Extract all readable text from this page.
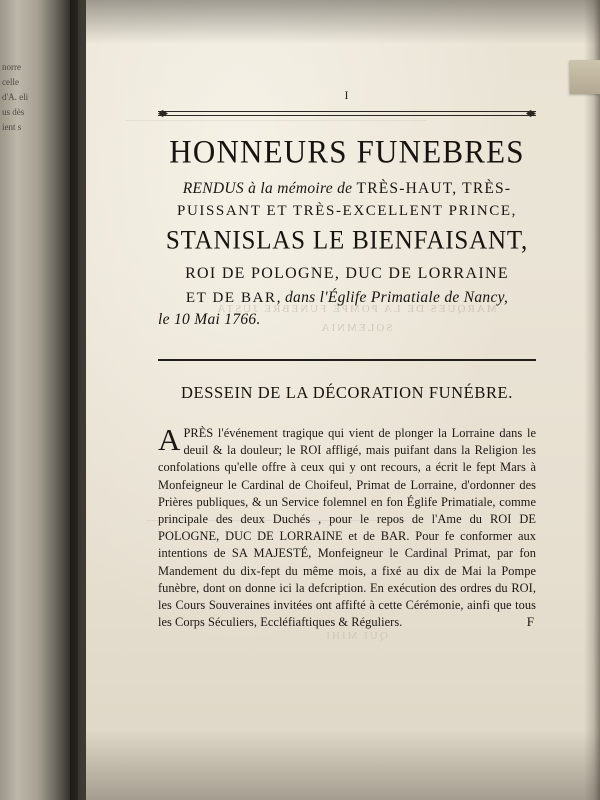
norre celle d'A. eli us dès ient s
MARQUES DE LA POMPE FUNEBRE JUSTA SOLEMNIA
QUI MIHI
I
HONNEURS FUNEBRES
RENDUS à la mémoire de TRÈS-HAUT, TRÈS-
PUISSANT ET TRÈS-EXCELLENT PRINCE,
STANISLAS LE BIENFAISANT,
ROI DE POLOGNE, DUC DE LORRAINE
ET DE BAR, dans l'Églife Primatiale de Nancy,
le 10 Mai 1766.
DESSEIN DE LA DÉCORATION FUNÉBRE.

APRÈS l'événement tragique qui vient de plonger la Lorraine dans le deuil & la douleur; le ROI affligé, mais puifant dans la Religion les confolations qu'elle offre à ceux qui y ont recours, a écrit le fept Mars à Monfeigneur le Cardinal de Choifeul, Primat de Lorraine, d'ordonner des Prières publiques, & un Service folemnel en fon Églife Primatiale, comme principale des deux Duchés , pour le repos de l'Ame du ROI DE POLOGNE, DUC DE LORRAINE et de BAR. Pour fe conformer aux intentions de SA MAJESTÉ, Monfeigneur le Cardinal Primat, par fon Mandement du dix-fept du même mois, a fixé au dix de Mai la Pompe funèbre, dont on donne ici la defcription. En exécution des ordres du ROI, les Cours Souveraines invitées ont affifté à cette Cérémonie, ainfi que tous les Corps Séculiers, Eccléfiaftiques & Réguliers.	F
